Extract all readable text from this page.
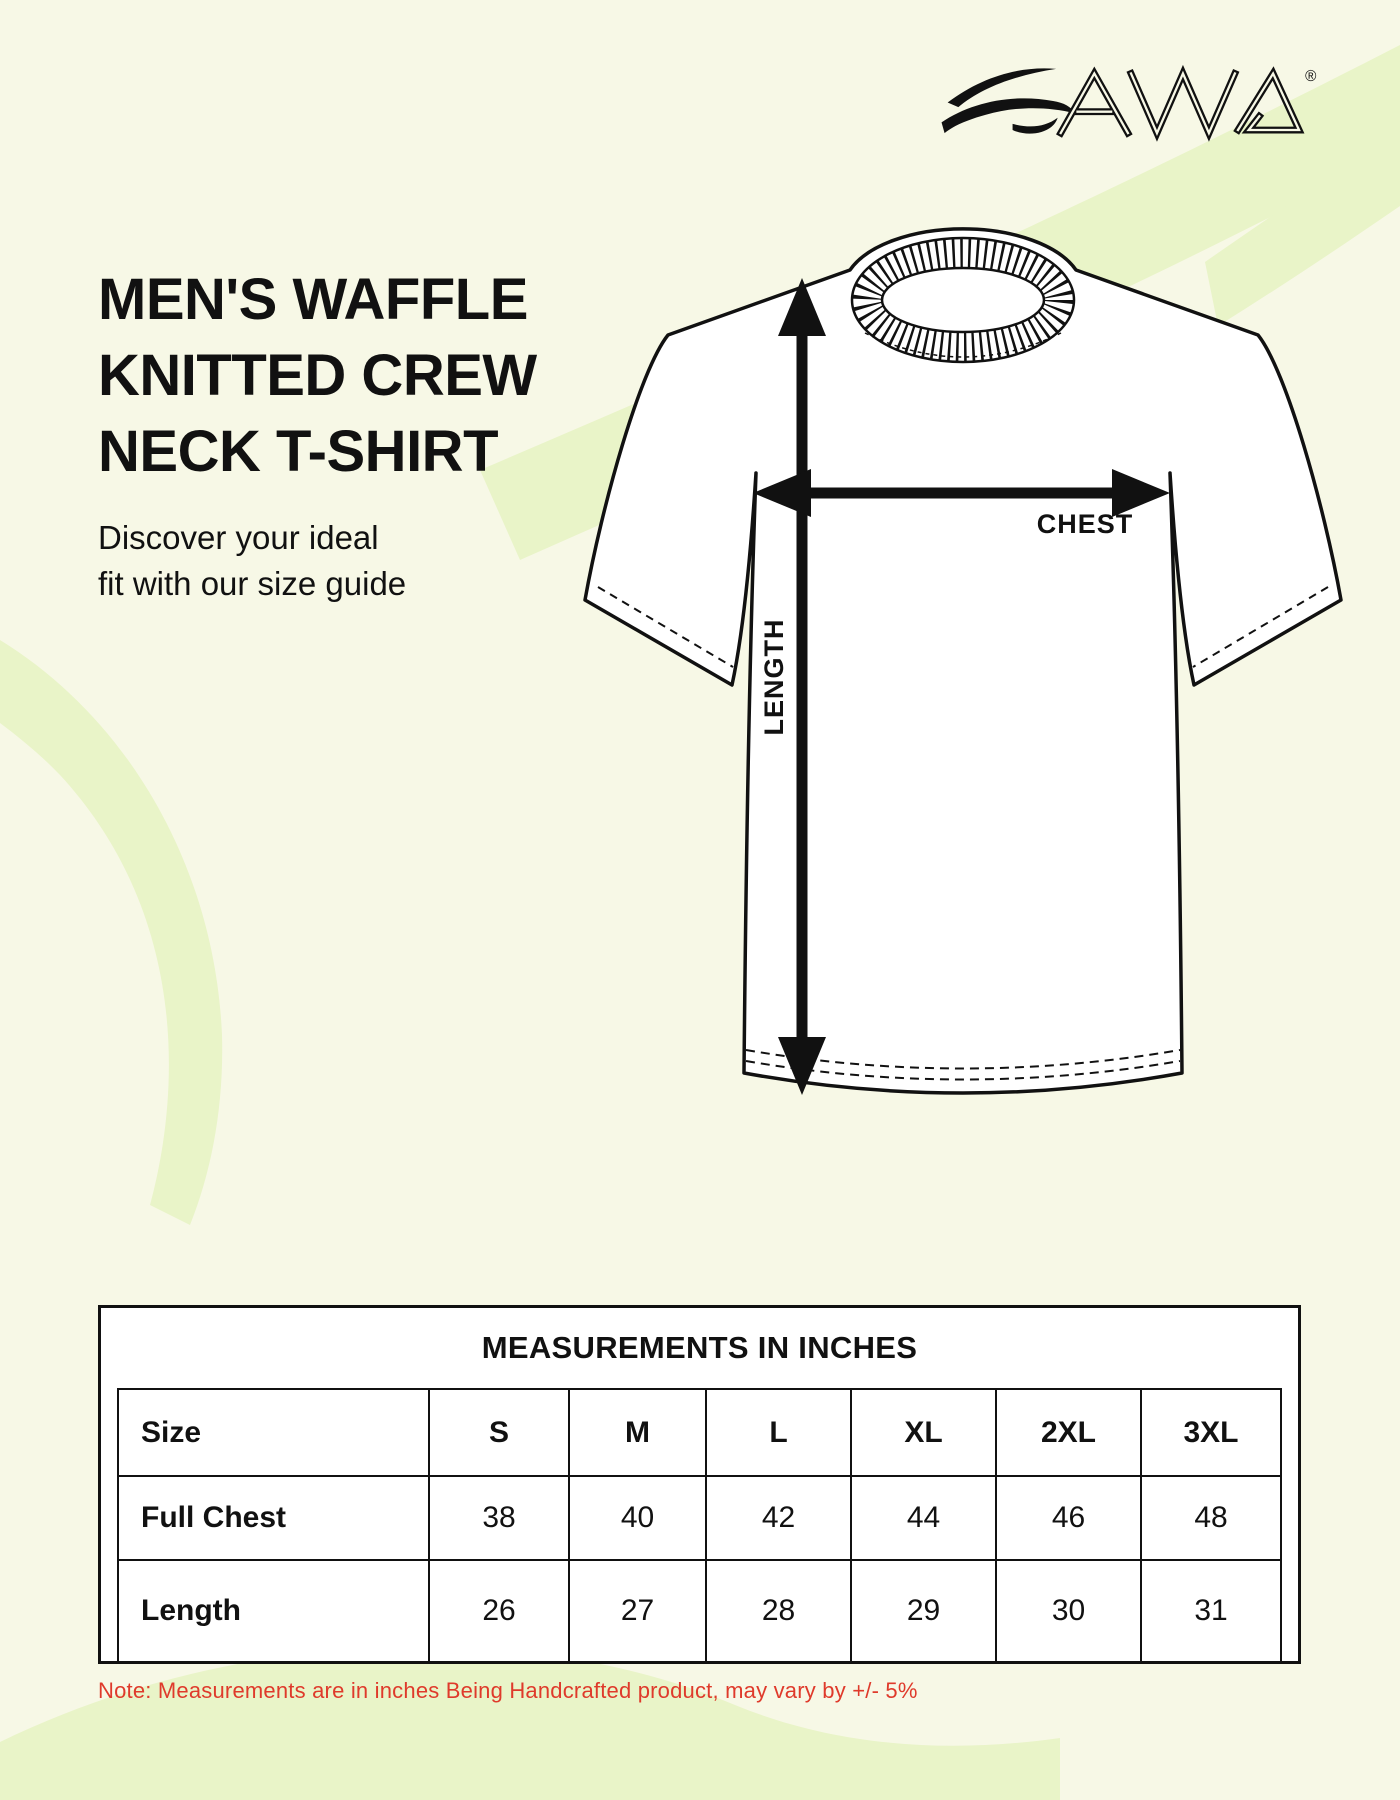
®
MEN'S WAFFLE
KNITTED CREW
NECK T-SHIRT
Discover your ideal
fit with our size guide
LENGTH
CHEST
MEASUREMENTS IN INCHES
Size	S	M	L	XL	2XL	3XL
Full Chest	38	40	42	44	46	48
Length	26	27	28	29	30	31
Note: Measurements are in inches Being Handcrafted product, may vary by +/- 5%
